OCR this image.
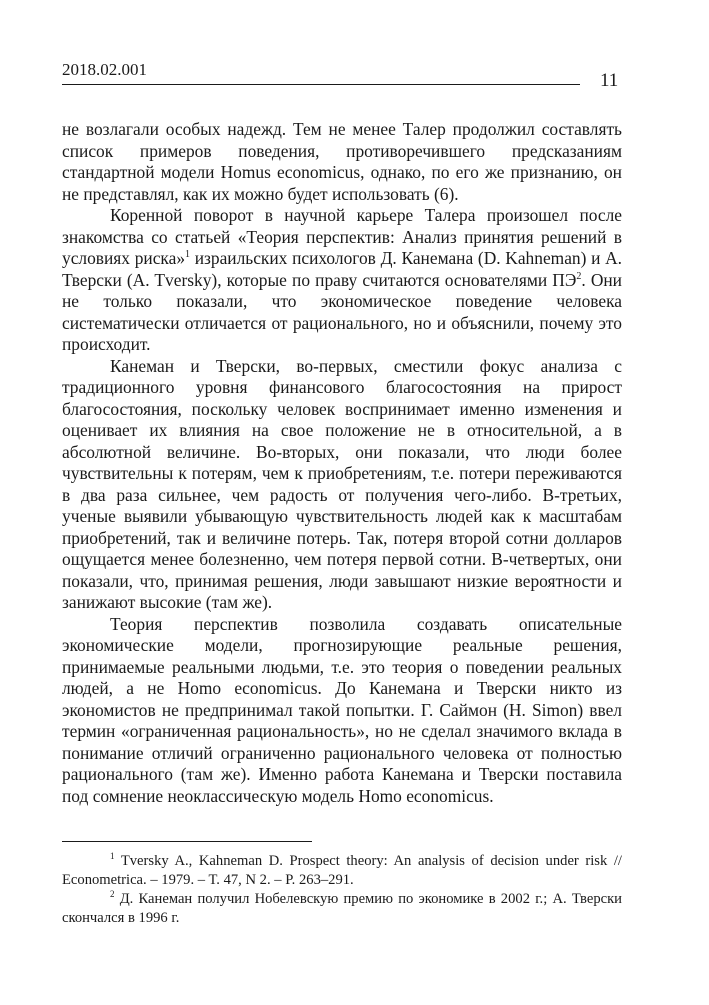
2018.02.001
11

не возлагали особых надежд. Тем не менее Талер продолжил составлять список примеров поведения, противоречившего предсказаниям стандартной модели Homus economicus, однако, по его же признанию, он не представлял, как их можно будет использовать (6).

Коренной поворот в научной карьере Талера произошел после знакомства со статьей «Теория перспектив: Анализ принятия решений в условиях риска»$^1$ израильских психологов Д. Канемана (D. Kahneman) и А. Тверски (A. Tversky), которые по праву считаются основателями $ПЭ^2$. Они не только показали, что экономическое поведение человека систематически отличается от рационального, но и объяснили, почему это происходит.

Канеман и Тверски, во-первых, сместили фокус анализа с традиционного уровня финансового благосостояния на прирост благосостояния, поскольку человек воспринимает именно изменения и оценивает их влияния на свое положение не в относительной, а в абсолютной величине. Во-вторых, они показали, что люди более чувствительны к потерям, чем к приобретениям, т.е. потери переживаются в два раза сильнее, чем радость от получения чего-либо. В-третьих, ученые выявили убывающую чувствительность людей как к масштабам приобретений, так и величине потерь. Так, потеря второй сотни долларов ощущается менее болезненно, чем потеря первой сотни. В-четвертых, они показали, что, принимая решения, люди завышают низкие вероятности и занижают высокие (там же).

Теория перспектив позволила создавать описательные экономические модели, прогнозирующие реальные решения, принимаемые реальными людьми, т.е. это теория о поведении реальных людей, а не Homo economicus. До Канемана и Тверски никто из экономистов не предпринимал такой попытки. Г. Саймон (H. Simon) ввел термин «ограниченная рациональность», но не сделал значимого вклада в понимание отличий ограниченно рационального человека от полностью рационального (там же). Именно работа Канемана и Тверски поставила под сомнение неоклассическую модель Homo economicus.

$^1$ Tversky A., Kahneman D. Prospect theory: An analysis of decision under risk // Econometrica. – 1979. – T. 47, N 2. – P. 263–291.

$^2$ Д. Канеман получил Нобелевскую премию по экономике в 2002 г.; А. Тверски скончался в 1996 г.
